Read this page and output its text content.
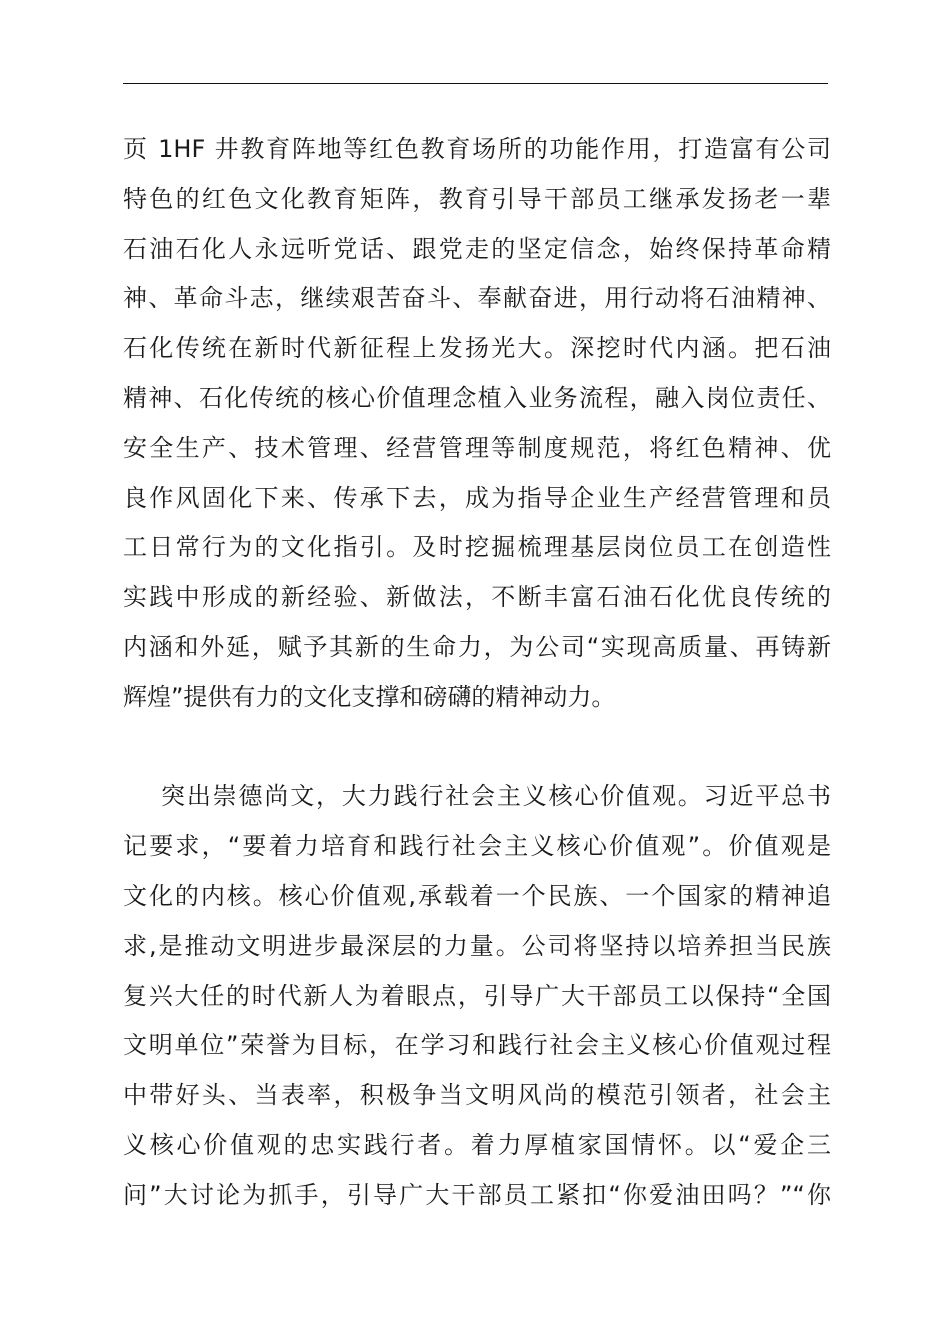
页 1HF 井教育阵地等红色教育场所的功能作用，打造富有公司
特色的红色文化教育矩阵，教育引导干部员工继承发扬老一辈
石油石化人永远听党话、跟党走的坚定信念，始终保持革命精
神、革命斗志，继续艰苦奋斗、奉献奋进，用行动将石油精神、
石化传统在新时代新征程上发扬光大。深挖时代内涵。把石油
精神、石化传统的核心价值理念植入业务流程，融入岗位责任、
安全生产、技术管理、经营管理等制度规范，将红色精神、优
良作风固化下来、传承下去，成为指导企业生产经营管理和员
工日常行为的文化指引。及时挖掘梳理基层岗位员工在创造性
实践中形成的新经验、新做法，不断丰富石油石化优良传统的
内涵和外延，赋予其新的生命力，为公司“实现高质量、再铸新
辉煌”提供有力的文化支撑和磅礴的精神动力。
突出崇德尚文，大力践行社会主义核心价值观。习近平总书
记要求，“要着力培育和践行社会主义核心价值观”。价值观是
文化的内核。核心价值观,承载着一个民族、一个国家的精神追
求,是推动文明进步最深层的力量。公司将坚持以培养担当民族
复兴大任的时代新人为着眼点，引导广大干部员工以保持“全国
文明单位”荣誉为目标，在学习和践行社会主义核心价值观过程
中带好头、当表率，积极争当文明风尚的模范引领者，社会主
义核心价值观的忠实践行者。着力厚植家国情怀。以“爱企三
问”大讨论为抓手，引导广大干部员工紧扣“你爱油田吗？”“你
